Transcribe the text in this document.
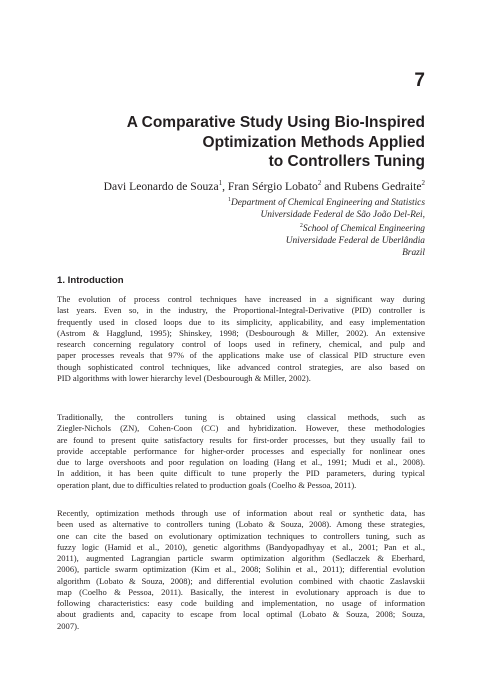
7
A Comparative Study Using Bio-Inspired
Optimization Methods Applied
to Controllers Tuning
Davi Leonardo de Souza$^1$, Fran Sérgio Lobato$^2$ and Rubens Gedraite$^2$
$^1$Department of Chemical Engineering and Statistics
Universidade Federal de São João Del-Rei,
$^2$School of Chemical Engineering
Universidade Federal de Uberlândia
Brazil
1. Introduction
The evolution of process control techniques have increased in a significant way during
last years. Even so, in the industry, the Proportional-Integral-Derivative (PID) controller is
frequently used in closed loops due to its simplicity, applicability, and easy implementation
(Astrom & Hagglund, 1995); Shinskey, 1998; (Desbourough & Miller, 2002). An extensive
research concerning regulatory control of loops used in refinery, chemical, and pulp and
paper processes reveals that 97% of the applications make use of classical PID structure even
though sophisticated control techniques, like advanced control strategies, are also based on
PID algorithms with lower hierarchy level (Desbourough & Miller, 2002).
Traditionally, the controllers tuning is obtained using classical methods, such as
Ziegler-Nichols (ZN), Cohen-Coon (CC) and hybridization. However, these methodologies
are found to present quite satisfactory results for first-order processes, but they usually fail to
provide acceptable performance for higher-order processes and especially for nonlinear ones
due to large overshoots and poor regulation on loading (Hang et al., 1991; Mudi et al., 2008).
In addition, it has been quite difficult to tune properly the PID parameters, during typical
operation plant, due to difficulties related to production goals (Coelho & Pessoa, 2011).
Recently, optimization methods through use of information about real or synthetic data, has
been used as alternative to controllers tuning (Lobato & Souza, 2008). Among these strategies,
one can cite the based on evolutionary optimization techniques to controllers tuning, such as
fuzzy logic (Hamid et al., 2010), genetic algorithms (Bandyopadhyay et al., 2001; Pan et al.,
2011), augmented Lagrangian particle swarm optimization algorithm (Sedlaczek & Eberhard,
2006), particle swarm optimization (Kim et al., 2008; Solihin et al., 2011); differential evolution
algorithm (Lobato & Souza, 2008); and differential evolution combined with chaotic Zaslavskii
map (Coelho & Pessoa, 2011). Basically, the interest in evolutionary approach is due to
following characteristics: easy code building and implementation, no usage of information
about gradients and, capacity to escape from local optimal (Lobato & Souza, 2008; Souza,
2007).
